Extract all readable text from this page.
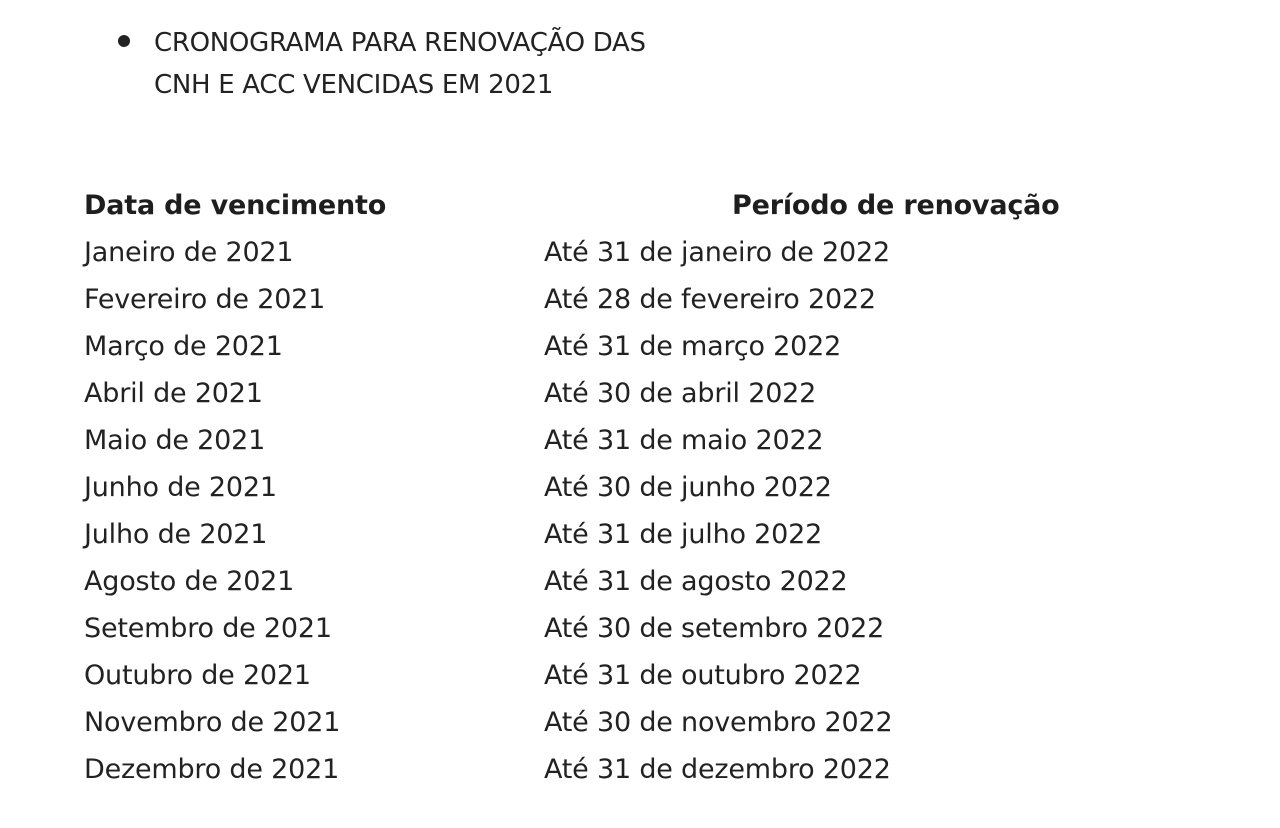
CRONOGRAMA PARA RENOVAÇÃO DAS
CNH E ACC VENCIDAS EM 2021
Data de vencimento	Período de renovação
Janeiro de 2021	Até 31 de janeiro de 2022
Fevereiro de 2021	Até 28 de fevereiro 2022
Março de 2021	Até 31 de março 2022
Abril de 2021	Até 30 de abril 2022
Maio de 2021	Até 31 de maio 2022
Junho de 2021	Até 30 de junho 2022
Julho de 2021	Até 31 de julho 2022
Agosto de 2021	Até 31 de agosto 2022
Setembro de 2021	Até 30 de setembro 2022
Outubro de 2021	Até 31 de outubro 2022
Novembro de 2021	Até 30 de novembro 2022
Dezembro de 2021	Até 31 de dezembro 2022
